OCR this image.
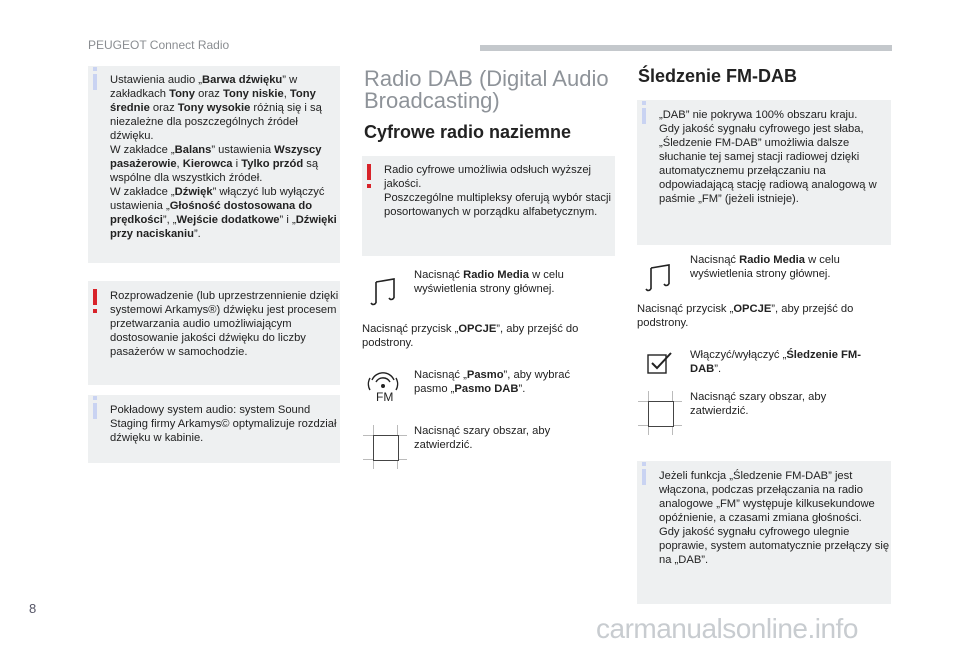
PEUGEOT Connect Radio

Ustawienia audio „Barwa dźwięku” w zakładkach Tony oraz Tony niskie, Tony średnie oraz Tony wysokie różnią się i są niezależne dla poszczególnych źródeł dźwięku.
W zakładce „Balans” ustawienia Wszyscy pasażerowie, Kierowca i Tylko przód są wspólne dla wszystkich źródeł.
W zakładce „Dźwięk” włączyć lub wyłączyć ustawienia „Głośność dostosowana do prędkości”, „Wejście dodatkowe” i „Dźwięki przy naciskaniu”.

Rozprowadzenie (lub uprzestrzennienie dzięki systemowi Arkamys®) dźwięku jest procesem przetwarzania audio umożliwiającym dostosowanie jakości dźwięku do liczby pasażerów w samochodzie.

Pokładowy system audio: system Sound Staging firmy Arkamys© optymalizuje rozdział dźwięku w kabinie.

Radio DAB (Digital Audio Broadcasting)
Cyfrowe radio naziemne

Radio cyfrowe umożliwia odsłuch wyższej jakości.
Poszczególne multipleksy oferują wybór stacji posortowanych w porządku alfabetycznym.

Nacisnąć Radio Media w celu wyświetlenia strony głównej.
Nacisnąć przycisk „OPCJE”, aby przejść do podstrony.
FM
Nacisnąć „Pasmo”, aby wybrać pasmo „Pasmo DAB”.
Nacisnąć szary obszar, aby zatwierdzić.
Śledzenie FM-DAB

„DAB” nie pokrywa 100% obszaru kraju.
Gdy jakość sygnału cyfrowego jest słaba, „Śledzenie FM-DAB” umożliwia dalsze słuchanie tej samej stacji radiowej dzięki automatycznemu przełączaniu na odpowiadającą stację radiową analogową w paśmie „FM” (jeżeli istnieje).

Nacisnąć Radio Media w celu wyświetlenia strony głównej.
Nacisnąć przycisk „OPCJE”, aby przejść do podstrony.
Włączyć/wyłączyć „Śledzenie FM-DAB”.
Nacisnąć szary obszar, aby zatwierdzić.

Jeżeli funkcja „Śledzenie FM-DAB” jest włączona, podczas przełączania na radio analogowe „FM” występuje kilkusekundowe opóźnienie, a czasami zmiana głośności.
Gdy jakość sygnału cyfrowego ulegnie poprawie, system automatycznie przełączy się na „DAB”.

8
carmanualsonline.info
